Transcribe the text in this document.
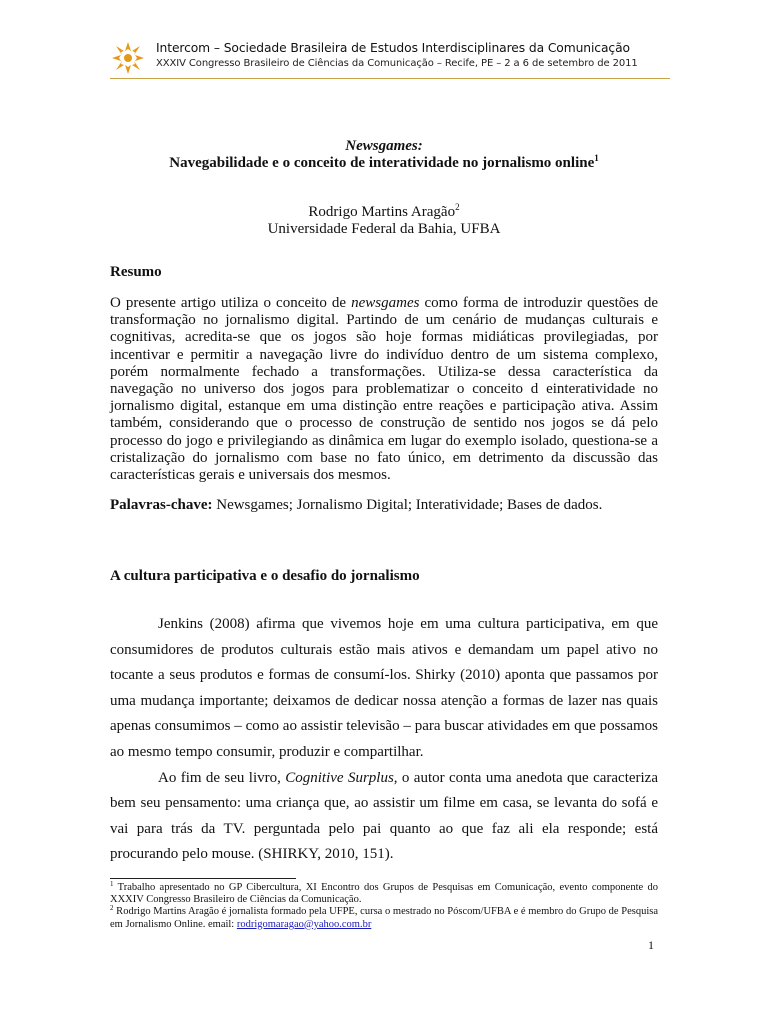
Intercom – Sociedade Brasileira de Estudos Interdisciplinares da Comunicação
XXXIV Congresso Brasileiro de Ciências da Comunicação – Recife, PE – 2 a 6 de setembro de 2011
Newsgames:
Navegabilidade e o conceito de interatividade no jornalismo online$^1$
Rodrigo Martins Aragão$^2$
Universidade Federal da Bahia, UFBA
Resumo

O presente artigo utiliza o conceito de newsgames como forma de introduzir questões de transformação no jornalismo digital. Partindo de um cenário de mudanças culturais e cognitivas, acredita-se que os jogos são hoje formas midiáticas provilegiadas, por incentivar e permitir a navegação livre do indivíduo dentro de um sistema complexo, porém normalmente fechado a transformações. Utiliza-se dessa característica da navegação no universo dos jogos para problematizar o conceito d einteratividade no jornalismo digital, estanque em uma distinção entre reações e participação ativa. Assim também, considerando que o processo de construção de sentido nos jogos se dá pelo processo do jogo e privilegiando as dinâmica em lugar do exemplo isolado, questiona-se a cristalização do jornalismo com base no fato único, em detrimento da discussão das características gerais e universais dos mesmos.

Palavras-chave: Newsgames; Jornalismo Digital; Interatividade; Bases de dados.
A cultura participativa e o desafio do jornalismo

Jenkins (2008) afirma que vivemos hoje em uma cultura participativa, em que consumidores de produtos culturais estão mais ativos e demandam um papel ativo no tocante a seus produtos e formas de consumí-los. Shirky (2010) aponta que passamos por uma mudança importante; deixamos de dedicar nossa atenção a formas de lazer nas quais apenas consumimos – como ao assistir televisão – para buscar atividades em que possamos ao mesmo tempo consumir, produzir e compartilhar.

Ao fim de seu livro, Cognitive Surplus, o autor conta uma anedota que caracteriza bem seu pensamento: uma criança que, ao assistir um filme em casa, se levanta do sofá e vai para trás da TV. perguntada pelo pai quanto ao que faz ali ela responde; está procurando pelo mouse. (SHIRKY, 2010, 151).

$^1$ Trabalho apresentado no GP Cibercultura, XI Encontro dos Grupos de Pesquisas em Comunicação, evento componente do XXXIV Congresso Brasileiro de Ciências da Comunicação.

$^2$ Rodrigo Martins Aragão é jornalista formado pela UFPE, cursa o mestrado no Póscom/UFBA e é membro do Grupo de Pesquisa em Jornalismo Online. email: rodrigomaragao@yahoo.com.br

1
